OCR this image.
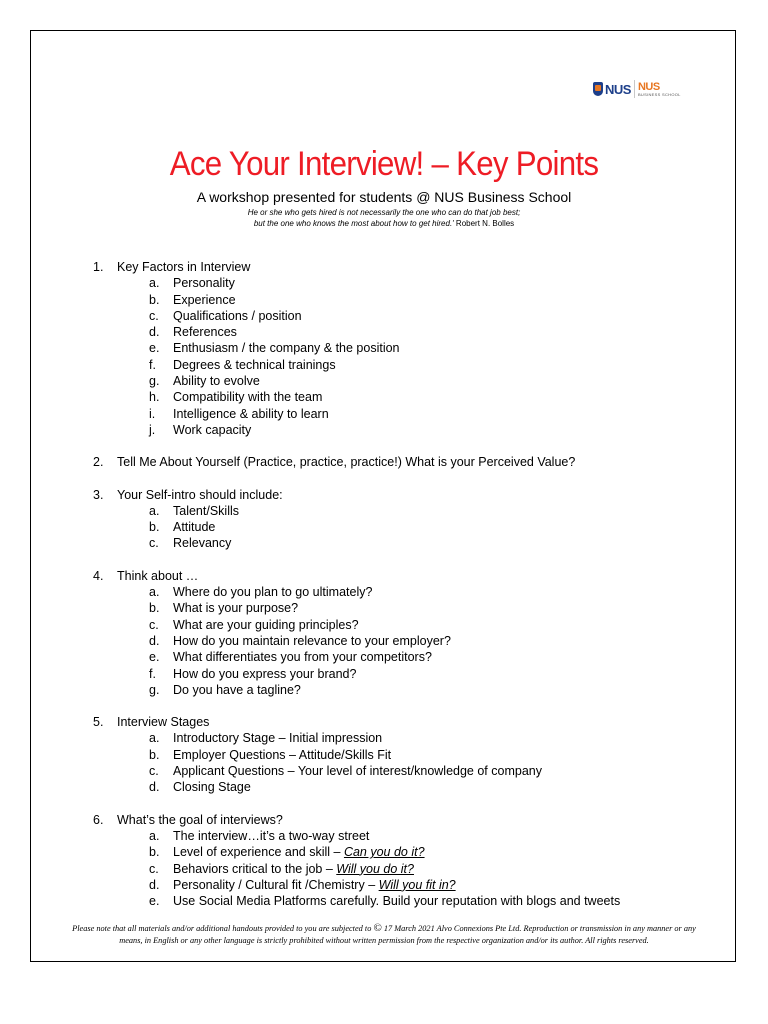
NUS NUS
BUSINESS SCHOOL
Ace Your Interview! – Key Points
A workshop presented for students @ NUS Business School
He or she who gets hired is not necessarily the one who can do that job best;
but the one who knows the most about how to get hired.' Robert N. Bolles
1.	Key Factors in Interview
a.	Personality
b.	Experience
c.	Qualifications / position
d.	References
e.	Enthusiasm / the company & the position
f.	Degrees & technical trainings
g.	Ability to evolve
h.	Compatibility with the team
i.	Intelligence & ability to learn
j.	Work capacity
2.	Tell Me About Yourself (Practice, practice, practice!) What is your Perceived Value?
3.	Your Self-intro should include:
a.	Talent/Skills
b.	Attitude
c.	Relevancy
4.	Think about …
a.	Where do you plan to go ultimately?
b.	What is your purpose?
c.	What are your guiding principles?
d.	How do you maintain relevance to your employer?
e.	What differentiates you from your competitors?
f.	How do you express your brand?
g.	Do you have a tagline?
5.	Interview Stages
a.	Introductory Stage – Initial impression
b.	Employer Questions – Attitude/Skills Fit
c.	Applicant Questions – Your level of interest/knowledge of company
d.	Closing Stage
6.	What’s the goal of interviews?
a.	The interview…it’s a two-way street
b.	Level of experience and skill – Can you do it?
c.	Behaviors critical to the job – Will you do it?
d.	Personality / Cultural fit /Chemistry – Will you fit in?
e.	Use Social Media Platforms carefully. Build your reputation with blogs and tweets
Please note that all materials and/or additional handouts provided to you are subjected to © 17 March 2021 Alvo Connexions Pte Ltd. Reproduction or transmission in any manner or any means, in English or any other language is strictly prohibited without written permission from the respective organization and/or its author. All rights reserved.
